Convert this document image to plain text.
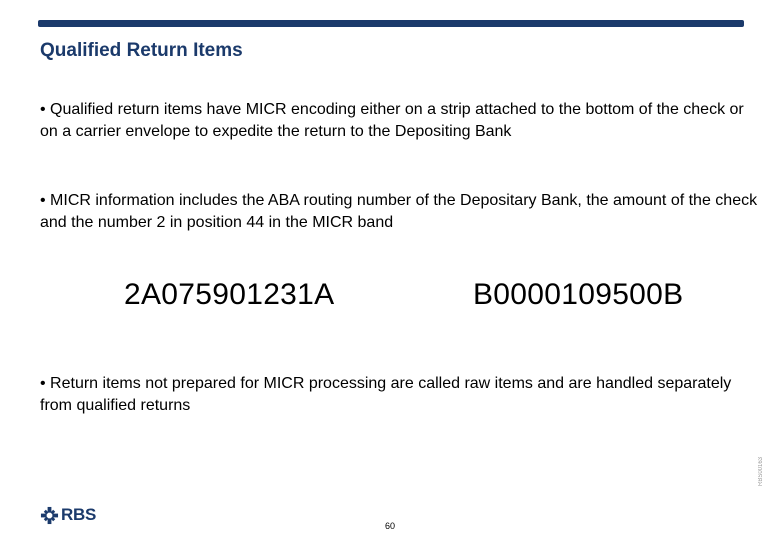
Qualified Return Items
• Qualified return items have MICR encoding either on a strip attached to the bottom of the check or on a carrier envelope to expedite the return to the Depositing Bank
• MICR information includes the ABA routing number of the Depositary Bank, the amount of the check and the number 2 in position 44 in the MICR band
2A075901231A	B0000109500B
• Return items not prepared for MICR processing are called raw items and are handled separately from qualified returns
RBS00163
RBS
60
